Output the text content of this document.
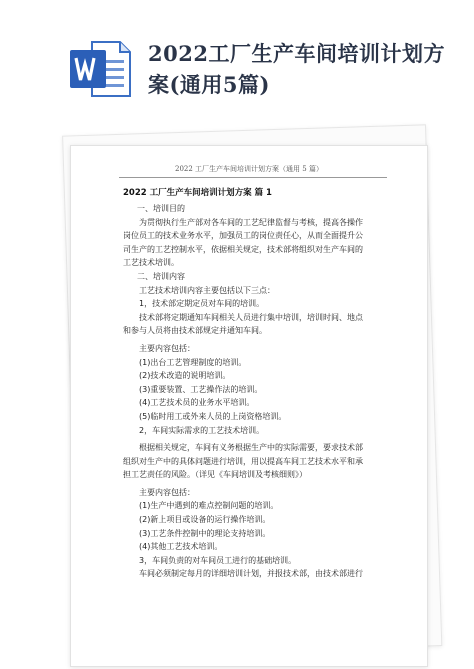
2022工厂生产车间培训计划方案(通用5篇)
2022 工厂生产车间培训计划方案（通用 5 篇）
2022 工厂生产车间培训计划方案 篇 1

一、培训目的

为贯彻执行生产部对各车间的工艺纪律监督与考核，提高各操作

岗位员工的技术业务水平，加强员工的岗位责任心，从而全面提升公

司生产的工艺控制水平，依据相关规定，技术部将组织对生产车间的

工艺技术培训。

二、培训内容

工艺技术培训内容主要包括以下三点：

1，技术部定期定员对车间的培训。

技术部将定期通知车间相关人员进行集中培训，培训时间、地点

和参与人员将由技术部规定并通知车间。

主要内容包括：

(1)出台工艺管理制度的培训。

(2)技术改造的说明培训。

(3)重要装置、工艺操作法的培训。

(4)工艺技术员的业务水平培训。

(5)临时用工或外来人员的上岗资格培训。

2，车间实际需求的工艺技术培训。

根据相关规定，车间有义务根据生产中的实际需要，要求技术部

组织对生产中的具体问题进行培训，用以提高车间工艺技术水平和承

担工艺责任的风险。（详见《车间培训及考核细则》）

主要内容包括：

(1)生产中遇到的难点控制问题的培训。

(2)新上项目或设备的运行操作培训。

(3)工艺条件控制中的理论支持培训。

(4)其他工艺技术培训。

3，车间负责的对车间员工进行的基础培训。

车间必须制定每月的详细培训计划，并报技术部，由技术部进行
